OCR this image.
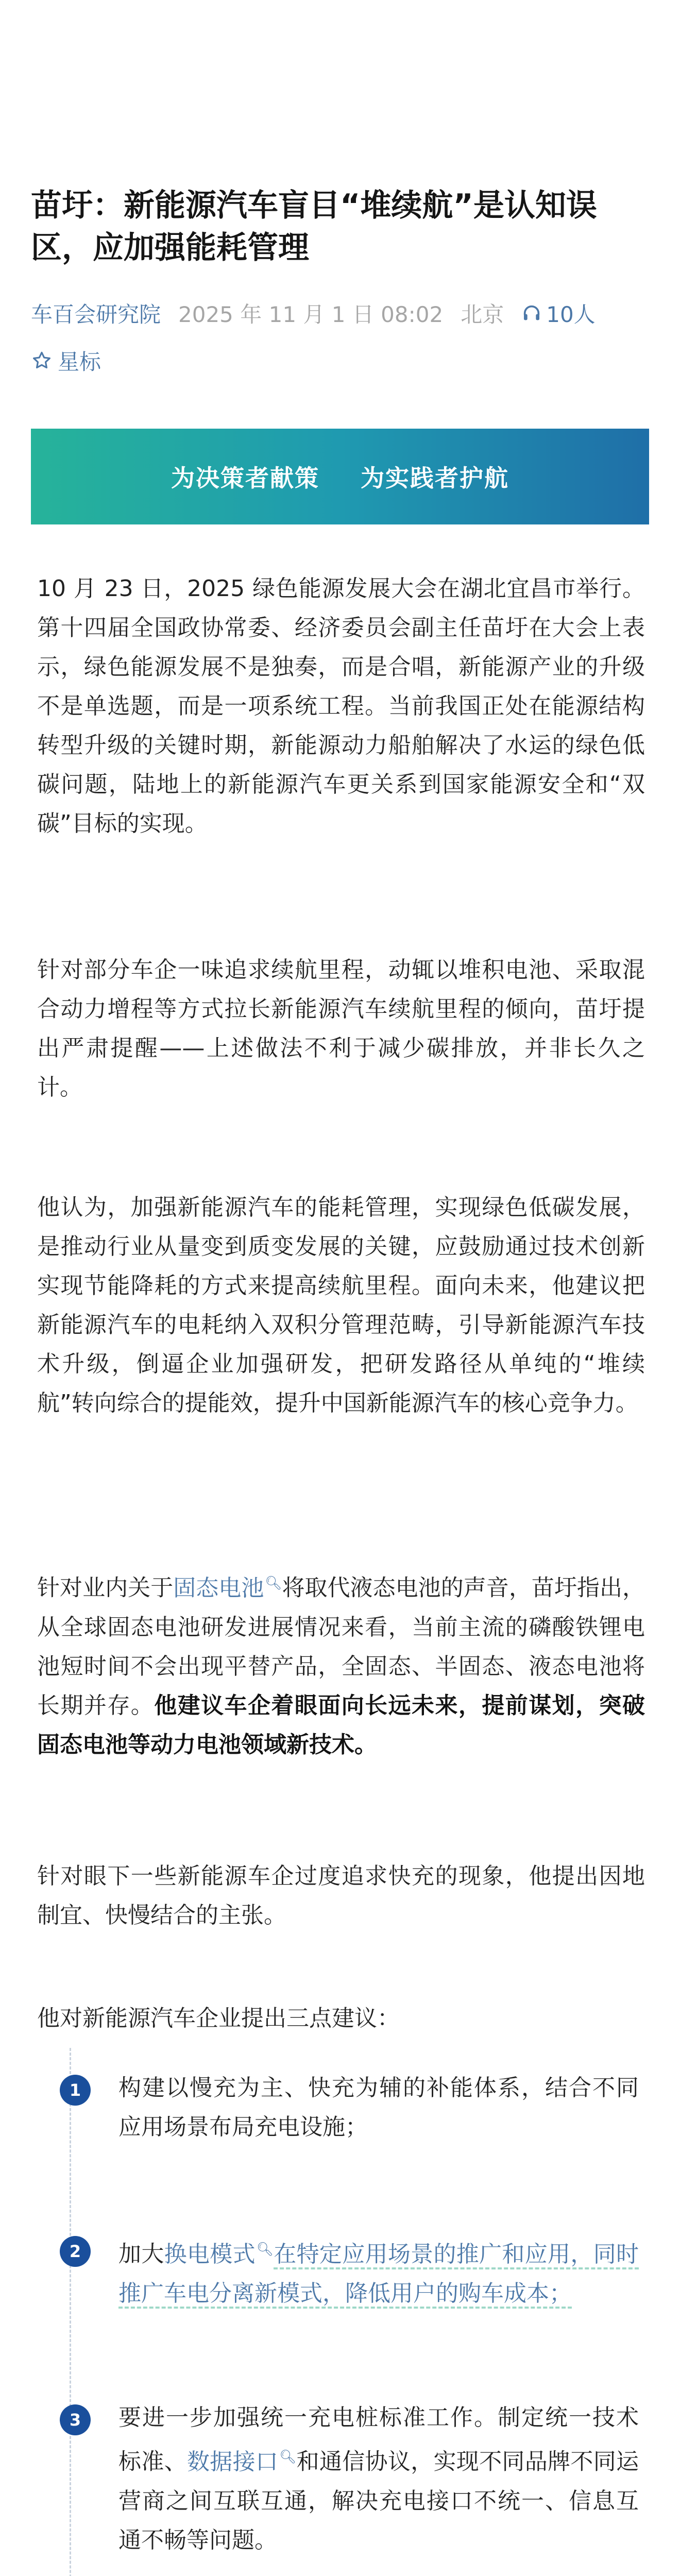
苗圩：新能源汽车盲目“堆续航”是认知误区，应加强能耗管理
车百会研究院 2025 年 11 月 1 日 08:02 北京 10人
星标
为决策者献策 为实践者护航

10 月 23 日，2025 绿色能源发展大会在湖北宜昌市举行。第十四届全国政协常委、经济委员会副主任苗圩在大会上表示，绿色能源发展不是独奏，而是合唱，新能源产业的升级不是单选题，而是一项系统工程。当前我国正处在能源结构转型升级的关键时期，新能源动力船舶解决了水运的绿色低碳问题，陆地上的新能源汽车更关系到国家能源安全和“双碳”目标的实现。

针对部分车企一味追求续航里程，动辄以堆积电池、采取混合动力增程等方式拉长新能源汽车续航里程的倾向，苗圩提出严肃提醒——上述做法不利于减少碳排放，并非长久之计。

他认为，加强新能源汽车的能耗管理，实现绿色低碳发展，是推动行业从量变到质变发展的关键，应鼓励通过技术创新实现节能降耗的方式来提高续航里程。面向未来，他建议把新能源汽车的电耗纳入双积分管理范畴，引导新能源汽车技术升级，倒逼企业加强研发，把研发路径从单纯的“堆续航”转向综合的提能效，提升中国新能源汽车的核心竞争力。

针对业内关于固态电池🔍︎将取代液态电池的声音，苗圩指出，从全球固态电池研发进展情况来看，当前主流的磷酸铁锂电池短时间不会出现平替产品，全固态、半固态、液态电池将长期并存。他建议车企着眼面向长远未来，提前谋划，突破固态电池等动力电池领域新技术。

针对眼下一些新能源车企过度追求快充的现象，他提出因地制宜、快慢结合的主张。

他对新能源汽车企业提出三点建议：

1	构建以慢充为主、快充为辅的补能体系，结合不同应用场景布局充电设施；

2	加大换电模式🔍︎在特定应用场景的推广和应用，同时推广车电分离新模式，降低用户的购车成本；

3	要进一步加强统一充电桩标准工作。制定统一技术标准、数据接口🔍︎和通信协议，实现不同品牌不同运营商之间互联互通，解决充电接口不统一、信息互通不畅等问题。
